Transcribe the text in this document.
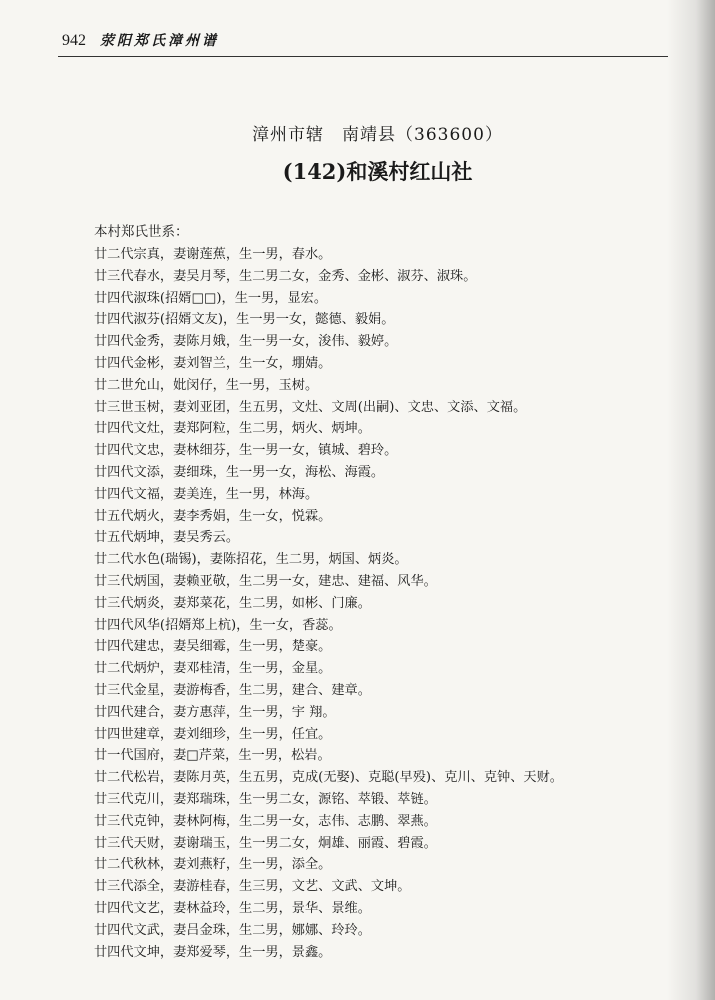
942 荥阳郑氏漳州谱
漳州市辖 南靖县（363600）
(142)和溪村红山社
本村郑氏世系：
廿二代宗真，妻谢莲蕉，生一男，春水。
廿三代春水，妻吴月琴，生二男二女，金秀、金彬、淑芬、淑珠。
廿四代淑珠(招婿□□)，生一男，显宏。
廿四代淑芬(招婿文友)，生一男一女，懿德、毅娟。
廿四代金秀，妻陈月娥，生一男一女，浚伟、毅婷。
廿四代金彬，妻刘智兰，生一女，堋婧。
廿二世允山，妣闵仔，生一男，玉树。
廿三世玉树，妻刘亚团，生五男，文灶、文周(出嗣)、文忠、文添、文福。
廿四代文灶，妻郑阿粒，生二男，炳火、炳坤。
廿四代文忠，妻林细芬，生一男一女，镇城、碧玲。
廿四代文添，妻细珠，生一男一女，海松、海霞。
廿四代文福，妻美连，生一男，林海。
廿五代炳火，妻李秀娟，生一女，悦霖。
廿五代炳坤，妻吴秀云。
廿二代水色(瑞锡)，妻陈招花，生二男，炳国、炳炎。
廿三代炳国，妻赖亚敬，生二男一女，建忠、建福、风华。
廿三代炳炎，妻郑菜花，生二男，如彬、门廉。
廿四代风华(招婿郑上杭)，生一女，香蕊。
廿四代建忠，妻吴细霉，生一男，楚豪。
廿二代炳炉，妻邓桂清，生一男，金星。
廿三代金星，妻游梅香，生二男，建合、建章。
廿四代建合，妻方惠萍，生一男，宇 翔。
廿四世建章，妻刘细珍，生一男，任宜。
廿一代国府，妻□芹菜，生一男，松岩。
廿二代松岩，妻陈月英，生五男，克成(无娶)、克聪(早殁)、克川、克钟、天财。
廿三代克川，妻郑瑞珠，生一男二女，源铭、萃锻、萃链。
廿三代克钟，妻林阿梅，生二男一女，志伟、志鹏、翠燕。
廿三代天财，妻谢瑞玉，生一男二女，炯雄、丽霞、碧霞。
廿二代秋林，妻刘燕籽，生一男，添全。
廿三代添全，妻游桂春，生三男，文艺、文武、文坤。
廿四代文艺，妻林益玲，生二男，景华、景维。
廿四代文武，妻吕金珠，生二男，娜娜、玲玲。
廿四代文坤，妻郑爱琴，生一男，景鑫。
